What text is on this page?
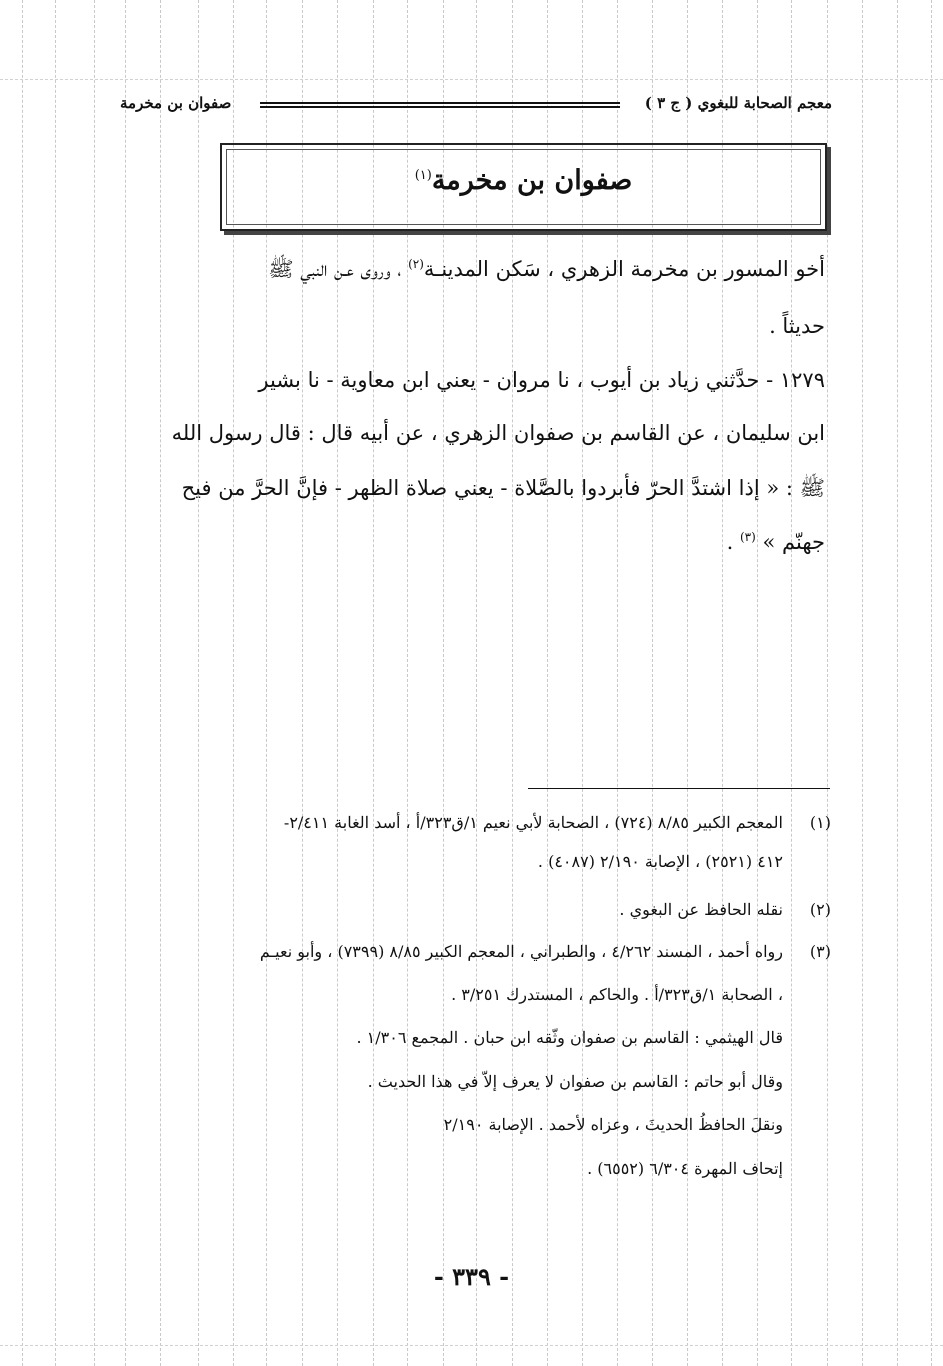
معجم الصحابة للبغوي ( ج ٣ )
صفوان بن مخرمة
صفوان بن مخرمة$^{(١)}$
أخو المسور بن مخرمة الزهري ، سَكن المدينـة$^{(٢)}$ ، وروى عـن النبي ﷺ
حديثاً .
١٢٧٩ - حدَّثني زياد بن أيوب ، نا مروان - يعني ابن معاوية - نا بشير
ابن سليمان ، عن القاسم بن صفوان الزهري ، عن أبيه قال : قال رسول الله
ﷺ : « إذا اشتدَّ الحرّ فأبردوا بالصَّلاة - يعني صلاة الظهر - فإنَّ الحرَّ من فيح
جهنّم » $^{(٣)}$ .
(١)
المعجم الكبير ٨/٨٥ (٧٢٤) ، الصحابة لأبي نعيم ١/ق٣٢٣/أ ، أسد الغابة ٢/٤١١-
٤١٢ (٢٥٢١) ، الإصابة ٢/١٩٠ (٤٠٨٧) .
(٢)
نقله الحافظ عن البغوي .
(٣)
رواه أحمد ، المسند ٤/٢٦٢ ، والطبراني ، المعجم الكبير ٨/٨٥ (٧٣٩٩) ، وأبو نعيـم
، الصحابة ١/ق٣٢٣/أ . والحاكم ، المستدرك ٣/٢٥١ .
قال الهيثمي : القاسم بن صفوان وثّقه ابن حبان . المجمع ١/٣٠٦ .
وقال أبو حاتم : القاسم بن صفوان لا يعرف إلاّ في هذا الحديث .
ونقلَ الحافظُ الحديثَ ، وعزاه لأحمد . الإصابة ٢/١٩٠
إتحاف المهرة ٦/٣٠٤ (٦٥٥٢) .
- ٣٣٩ -
